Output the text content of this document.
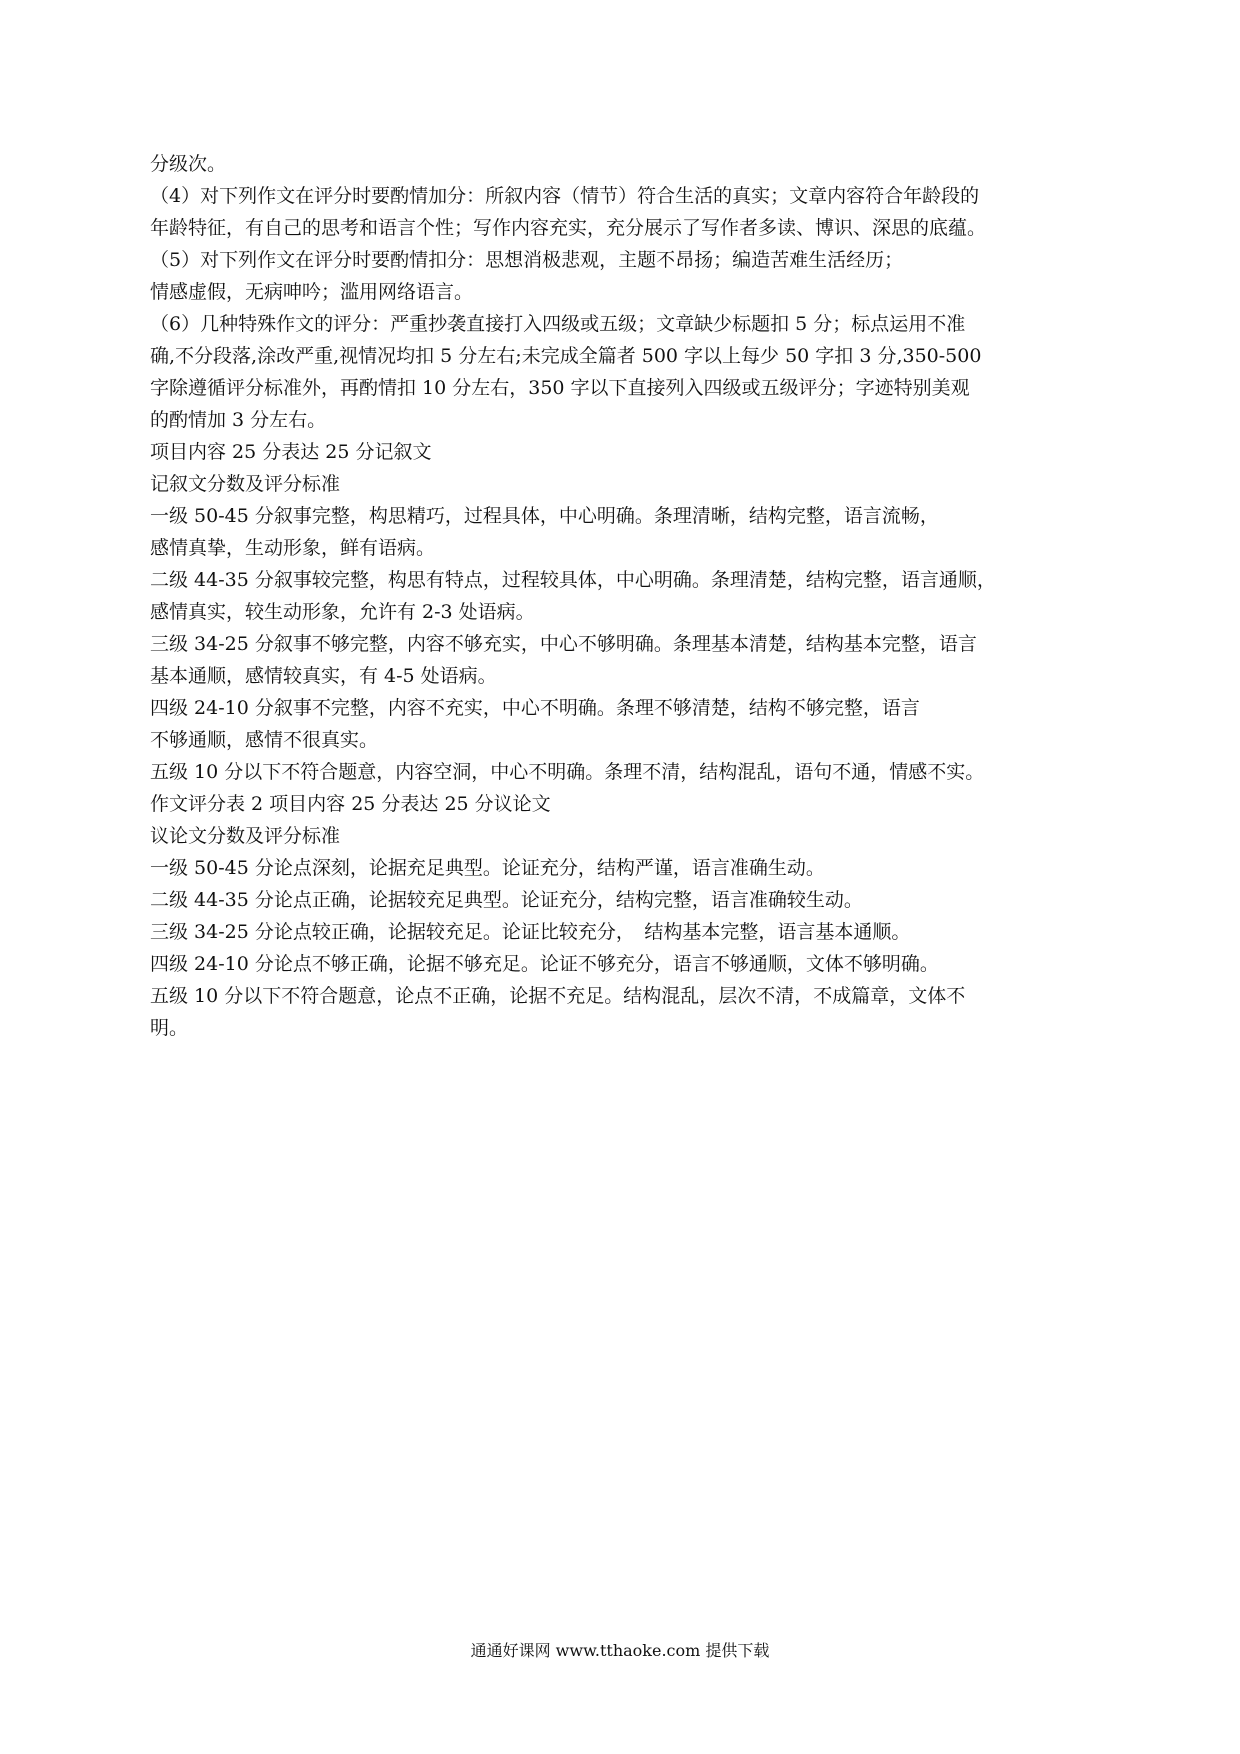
分级次。
（4）对下列作文在评分时要酌情加分：所叙内容（情节）符合生活的真实；文章内容符合年龄段的
年龄特征，有自己的思考和语言个性；写作内容充实，充分展示了写作者多读、博识、深思的底蕴。
（5）对下列作文在评分时要酌情扣分：思想消极悲观，主题不昂扬；编造苦难生活经历；
情感虚假，无病呻吟；滥用网络语言。
（6）几种特殊作文的评分：严重抄袭直接打入四级或五级；文章缺少标题扣 5 分；标点运用不准
确,不分段落,涂改严重,视情况均扣 5 分左右;未完成全篇者 500 字以上每少 50 字扣 3 分,350-500
字除遵循评分标准外，再酌情扣 10 分左右，350 字以下直接列入四级或五级评分；字迹特别美观
的酌情加 3 分左右。
项目内容 25 分表达 25 分记叙文
记叙文分数及评分标准
一级 50-45 分叙事完整，构思精巧，过程具体，中心明确。条理清晰，结构完整，语言流畅，
感情真挚，生动形象，鲜有语病。
二级 44-35 分叙事较完整，构思有特点，过程较具体，中心明确。条理清楚，结构完整，语言通顺，
感情真实，较生动形象，允许有 2-3 处语病。
三级 34-25 分叙事不够完整，内容不够充实，中心不够明确。条理基本清楚，结构基本完整，语言
基本通顺，感情较真实，有 4-5 处语病。
四级 24-10 分叙事不完整，内容不充实，中心不明确。条理不够清楚，结构不够完整，语言
不够通顺，感情不很真实。
五级 10 分以下不符合题意，内容空洞，中心不明确。条理不清，结构混乱，语句不通，情感不实。
作文评分表 2 项目内容 25 分表达 25 分议论文
议论文分数及评分标准
一级 50-45 分论点深刻，论据充足典型。论证充分，结构严谨，语言准确生动。
二级 44-35 分论点正确，论据较充足典型。论证充分，结构完整，语言准确较生动。
三级 34-25 分论点较正确，论据较充足。论证比较充分，　结构基本完整，语言基本通顺。
四级 24-10 分论点不够正确，论据不够充足。论证不够充分，语言不够通顺，文体不够明确。
五级 10 分以下不符合题意，论点不正确，论据不充足。结构混乱，层次不清，不成篇章，文体不
明。
通通好课网 www.tthaoke.com 提供下载
